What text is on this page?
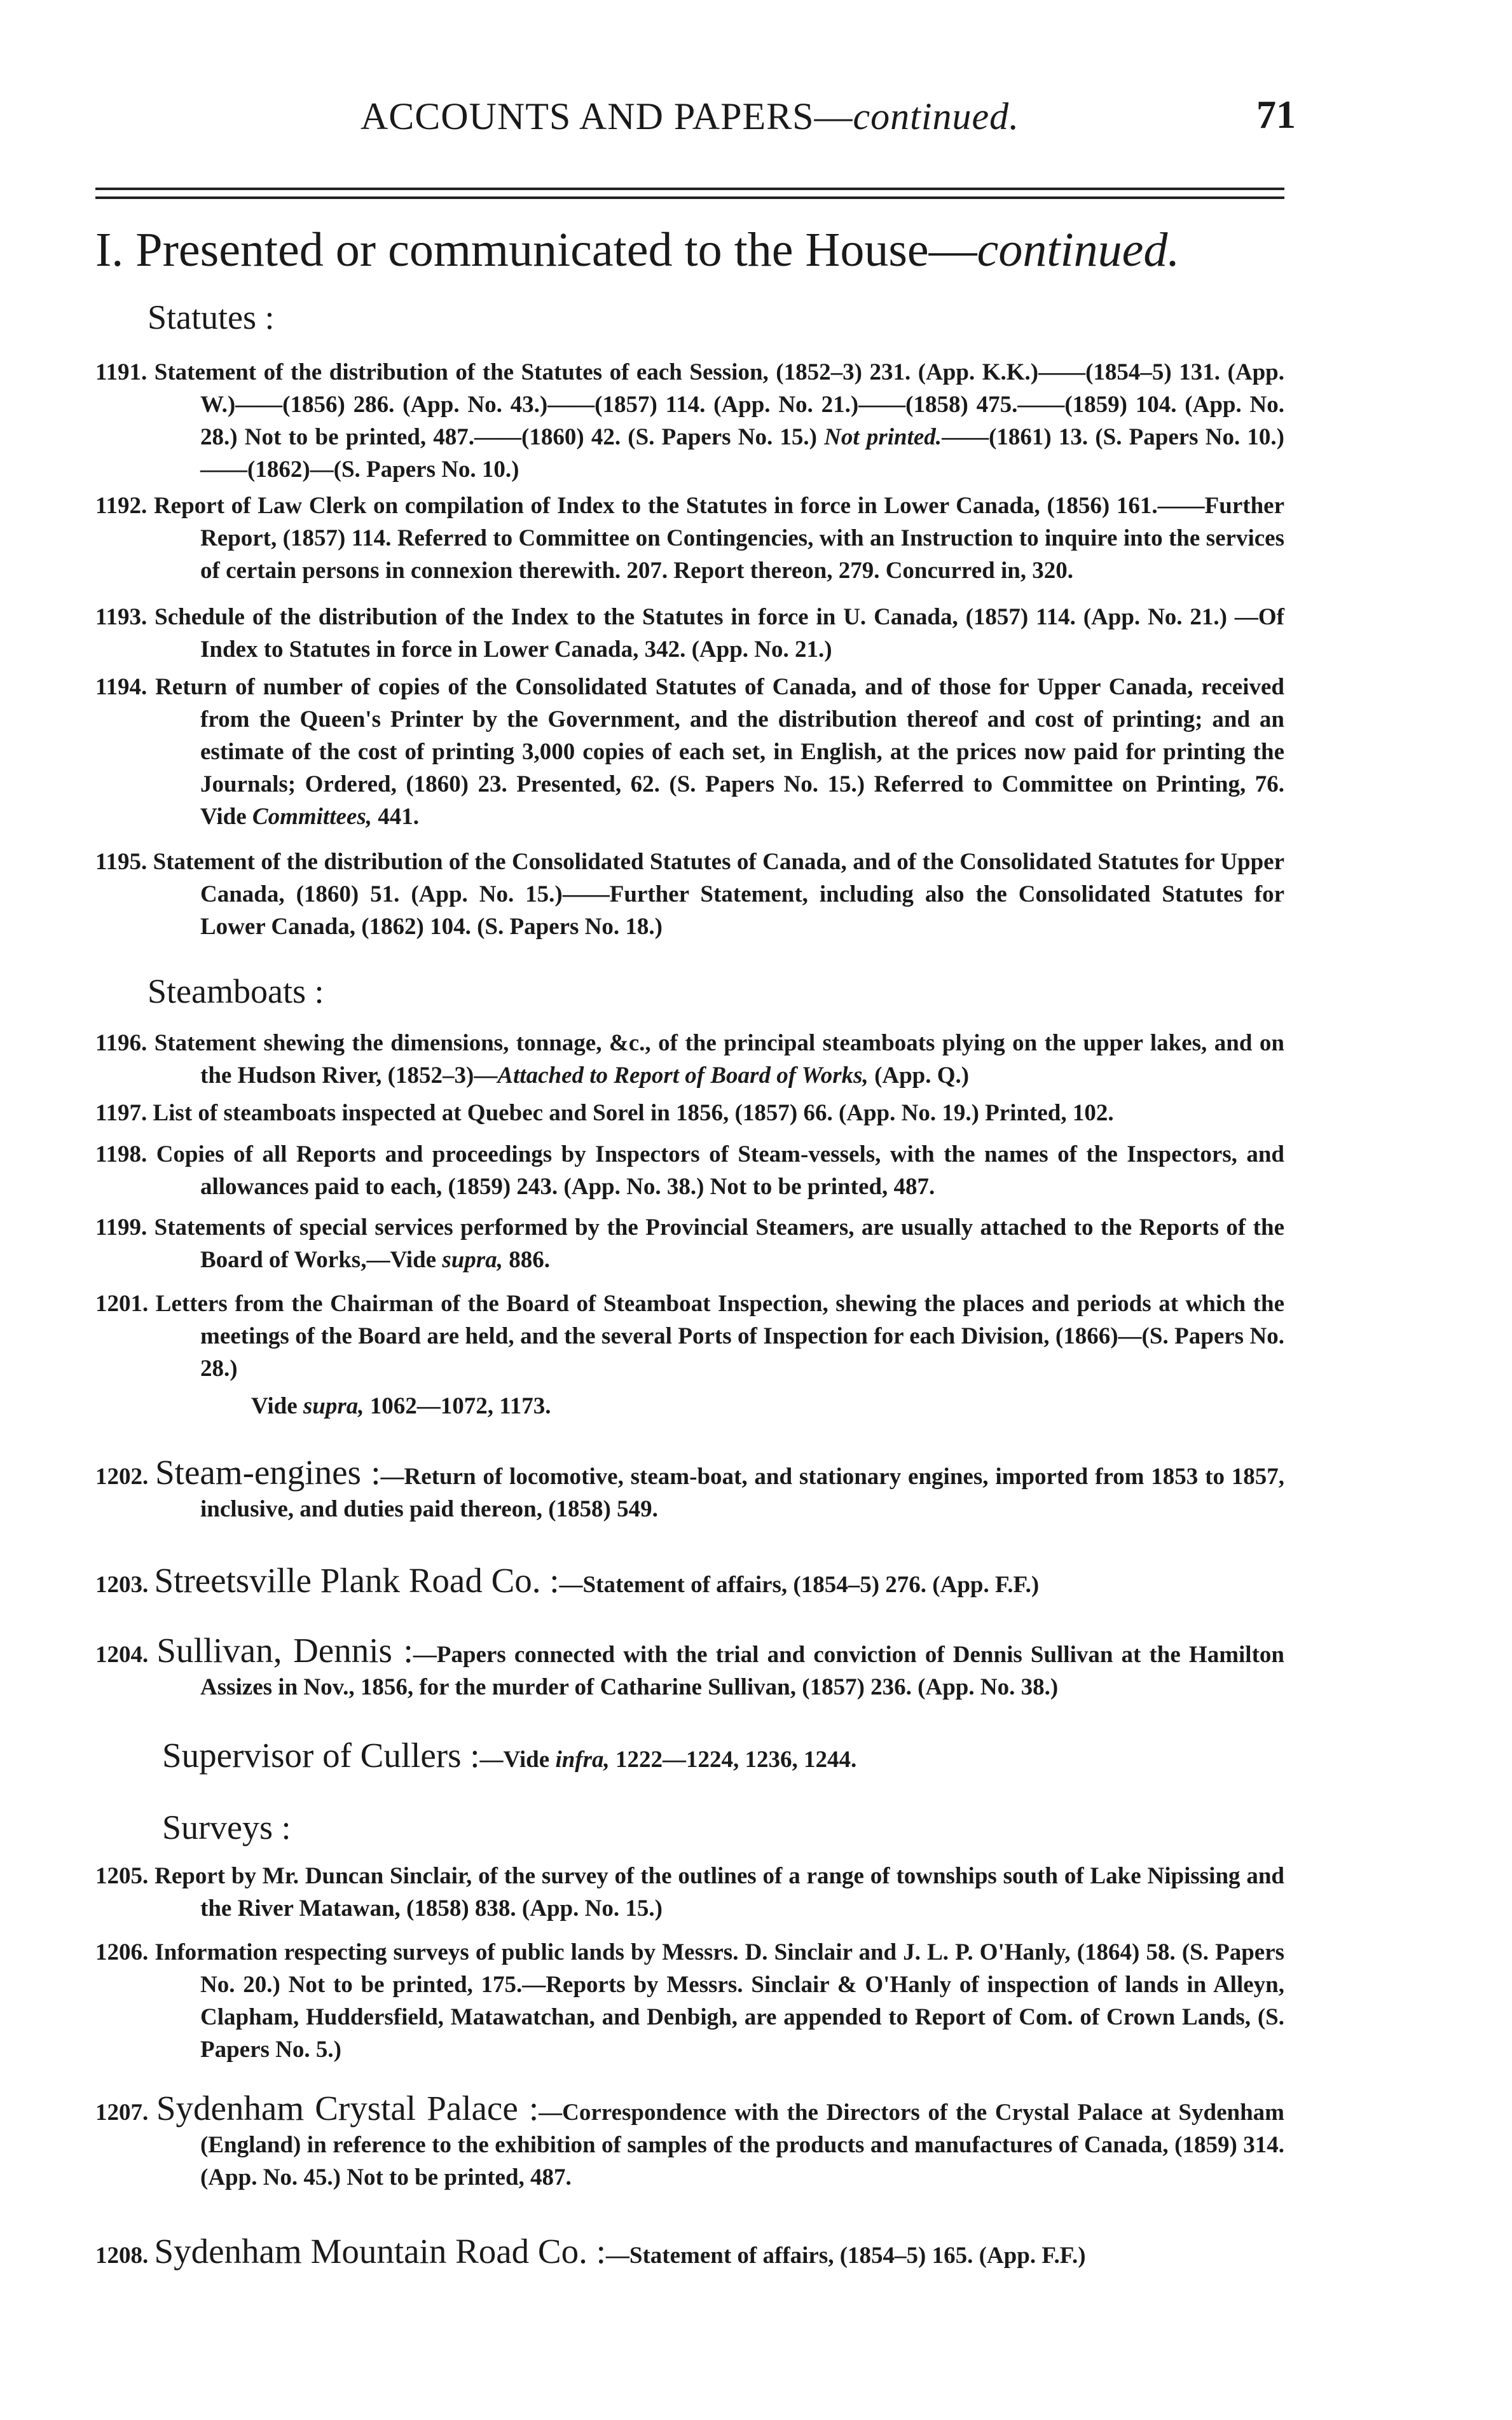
ACCOUNTS AND PAPERS—continued.	71
I. Presented or communicated to the House—continued.
Statutes :
1191. Statement of the distribution of the Statutes of each Session, (1852–3) 231. (App. K.K.)——(1854–5) 131. (App. W.)——(1856) 286. (App. No. 43.)——(1857) 114. (App. No. 21.)——(1858) 475.——(1859) 104. (App. No. 28.) Not to be printed, 487.——(1860) 42. (S. Papers No. 15.) Not printed.——(1861) 13. (S. Papers No. 10.)——(1862)—(S. Papers No. 10.)
1192. Report of Law Clerk on compilation of Index to the Statutes in force in Lower Canada, (1856) 161.——Further Report, (1857) 114. Referred to Committee on Contingencies, with an Instruction to inquire into the services of certain persons in connexion therewith. 207. Report thereon, 279. Concurred in, 320.
1193. Schedule of the distribution of the Index to the Statutes in force in U. Canada, (1857) 114. (App. No. 21.) —Of Index to Statutes in force in Lower Canada, 342. (App. No. 21.)
1194. Return of number of copies of the Consolidated Statutes of Canada, and of those for Upper Canada, received from the Queen's Printer by the Government, and the distribution thereof and cost of printing; and an estimate of the cost of printing 3,000 copies of each set, in English, at the prices now paid for printing the Journals; Ordered, (1860) 23. Presented, 62. (S. Papers No. 15.) Referred to Committee on Printing, 76. Vide Committees, 441.
1195. Statement of the distribution of the Consolidated Statutes of Canada, and of the Consolidated Statutes for Upper Canada, (1860) 51. (App. No. 15.)——Further Statement, including also the Consolidated Statutes for Lower Canada, (1862) 104. (S. Papers No. 18.)
Steamboats :
1196. Statement shewing the dimensions, tonnage, &c., of the principal steamboats plying on the upper lakes, and on the Hudson River, (1852–3)—Attached to Report of Board of Works, (App. Q.)
1197. List of steamboats inspected at Quebec and Sorel in 1856, (1857) 66. (App. No. 19.) Printed, 102.
1198. Copies of all Reports and proceedings by Inspectors of Steam-vessels, with the names of the Inspectors, and allowances paid to each, (1859) 243. (App. No. 38.) Not to be printed, 487.
1199. Statements of special services performed by the Provincial Steamers, are usually attached to the Reports of the Board of Works,—Vide supra, 886.
1201. Letters from the Chairman of the Board of Steamboat Inspection, shewing the places and periods at which the meetings of the Board are held, and the several Ports of Inspection for each Division, (1866)—(S. Papers No. 28.)
Vide supra, 1062—1072, 1173.
1202. Steam-engines :—Return of locomotive, steam-boat, and stationary engines, imported from 1853 to 1857, inclusive, and duties paid thereon, (1858) 549.
1203. Streetsville Plank Road Co. :—Statement of affairs, (1854–5) 276. (App. F.F.)
1204. Sullivan, Dennis :—Papers connected with the trial and conviction of Dennis Sullivan at the Hamilton Assizes in Nov., 1856, for the murder of Catharine Sullivan, (1857) 236. (App. No. 38.)
Supervisor of Cullers :—Vide infra, 1222—1224, 1236, 1244.
Surveys :
1205. Report by Mr. Duncan Sinclair, of the survey of the outlines of a range of townships south of Lake Nipissing and the River Matawan, (1858) 838. (App. No. 15.)
1206. Information respecting surveys of public lands by Messrs. D. Sinclair and J. L. P. O'Hanly, (1864) 58. (S. Papers No. 20.) Not to be printed, 175.—Reports by Messrs. Sinclair & O'Hanly of inspection of lands in Alleyn, Clapham, Huddersfield, Matawatchan, and Denbigh, are appended to Report of Com. of Crown Lands, (S. Papers No. 5.)
1207. Sydenham Crystal Palace :—Correspondence with the Directors of the Crystal Palace at Sydenham (England) in reference to the exhibition of samples of the products and manufactures of Canada, (1859) 314. (App. No. 45.) Not to be printed, 487.
1208. Sydenham Mountain Road Co. :—Statement of affairs, (1854–5) 165. (App. F.F.)
